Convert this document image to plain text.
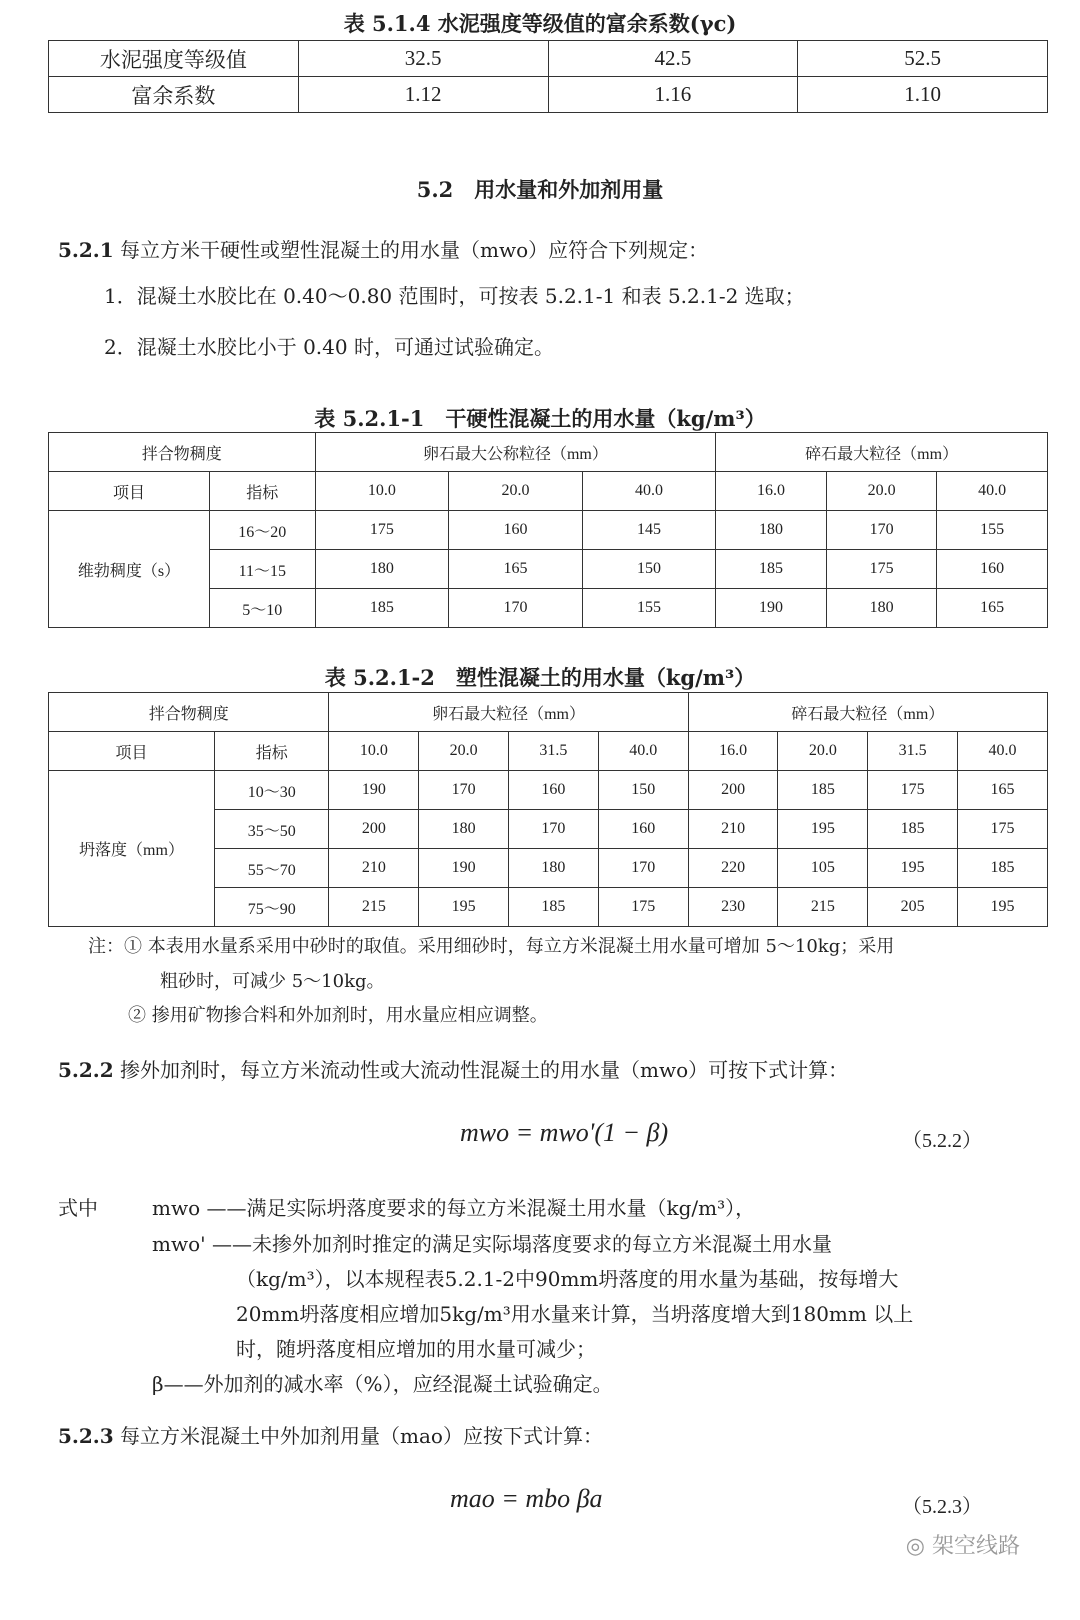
表 5.1.4 水泥强度等级值的富余系数(γc)
水泥强度等级值	32.5	42.5	52.5
富余系数	1.12	1.16	1.10
5.2　用水量和外加剂用量
5.2.1 每立方米干硬性或塑性混凝土的用水量（mwo）应符合下列规定：
1．混凝土水胶比在 0.40～0.80 范围时，可按表 5.2.1-1 和表 5.2.1-2 选取；
2．混凝土水胶比小于 0.40 时，可通过试验确定。
表 5.2.1-1　干硬性混凝土的用水量（kg/m³）
拌合物稠度		卵石最大公称粒径（mm）			碎石最大粒径（mm）		
项目	指标	10.0	20.0	40.0	16.0	20.0	40.0
维勃稠度（s）	16～20	175	160	145	180	170	155
	11～15	180	165	150	185	175	160
	5～10	185	170	155	190	180	165
表 5.2.1-2　塑性混凝土的用水量（kg/m³）
拌合物稠度		卵石最大粒径（mm）				碎石最大粒径（mm）			
项目	指标	10.0	20.0	31.5	40.0	16.0	20.0	31.5	40.0
坍落度（mm）	10～30	190	170	160	150	200	185	175	165
	35～50	200	180	170	160	210	195	185	175
	55～70	210	190	180	170	220	105	195	185
	75～90	215	195	185	175	230	215	205	195
注：① 本表用水量系采用中砂时的取值。采用细砂时，每立方米混凝土用水量可增加 5～10kg；采用
粗砂时，可减少 5～10kg。
② 掺用矿物掺合料和外加剂时，用水量应相应调整。
5.2.2 掺外加剂时，每立方米流动性或大流动性混凝土的用水量（mwo）可按下式计算：
mwo = mwo'(1 − β)	（5.2.2）
式中	mwo ——满足实际坍落度要求的每立方米混凝土用水量（kg/m³），
mwo' ——未掺外加剂时推定的满足实际塌落度要求的每立方米混凝土用水量
（kg/m³），以本规程表5.2.1-2中90mm坍落度的用水量为基础，按每增大
20mm坍落度相应增加5kg/m³用水量来计算，当坍落度增大到180mm 以上
时，随坍落度相应增加的用水量可减少；
β——外加剂的减水率（%），应经混凝土试验确定。
5.2.3 每立方米混凝土中外加剂用量（mao）应按下式计算：
mao = mbo βa	（5.2.3）
◎ 架空线路
